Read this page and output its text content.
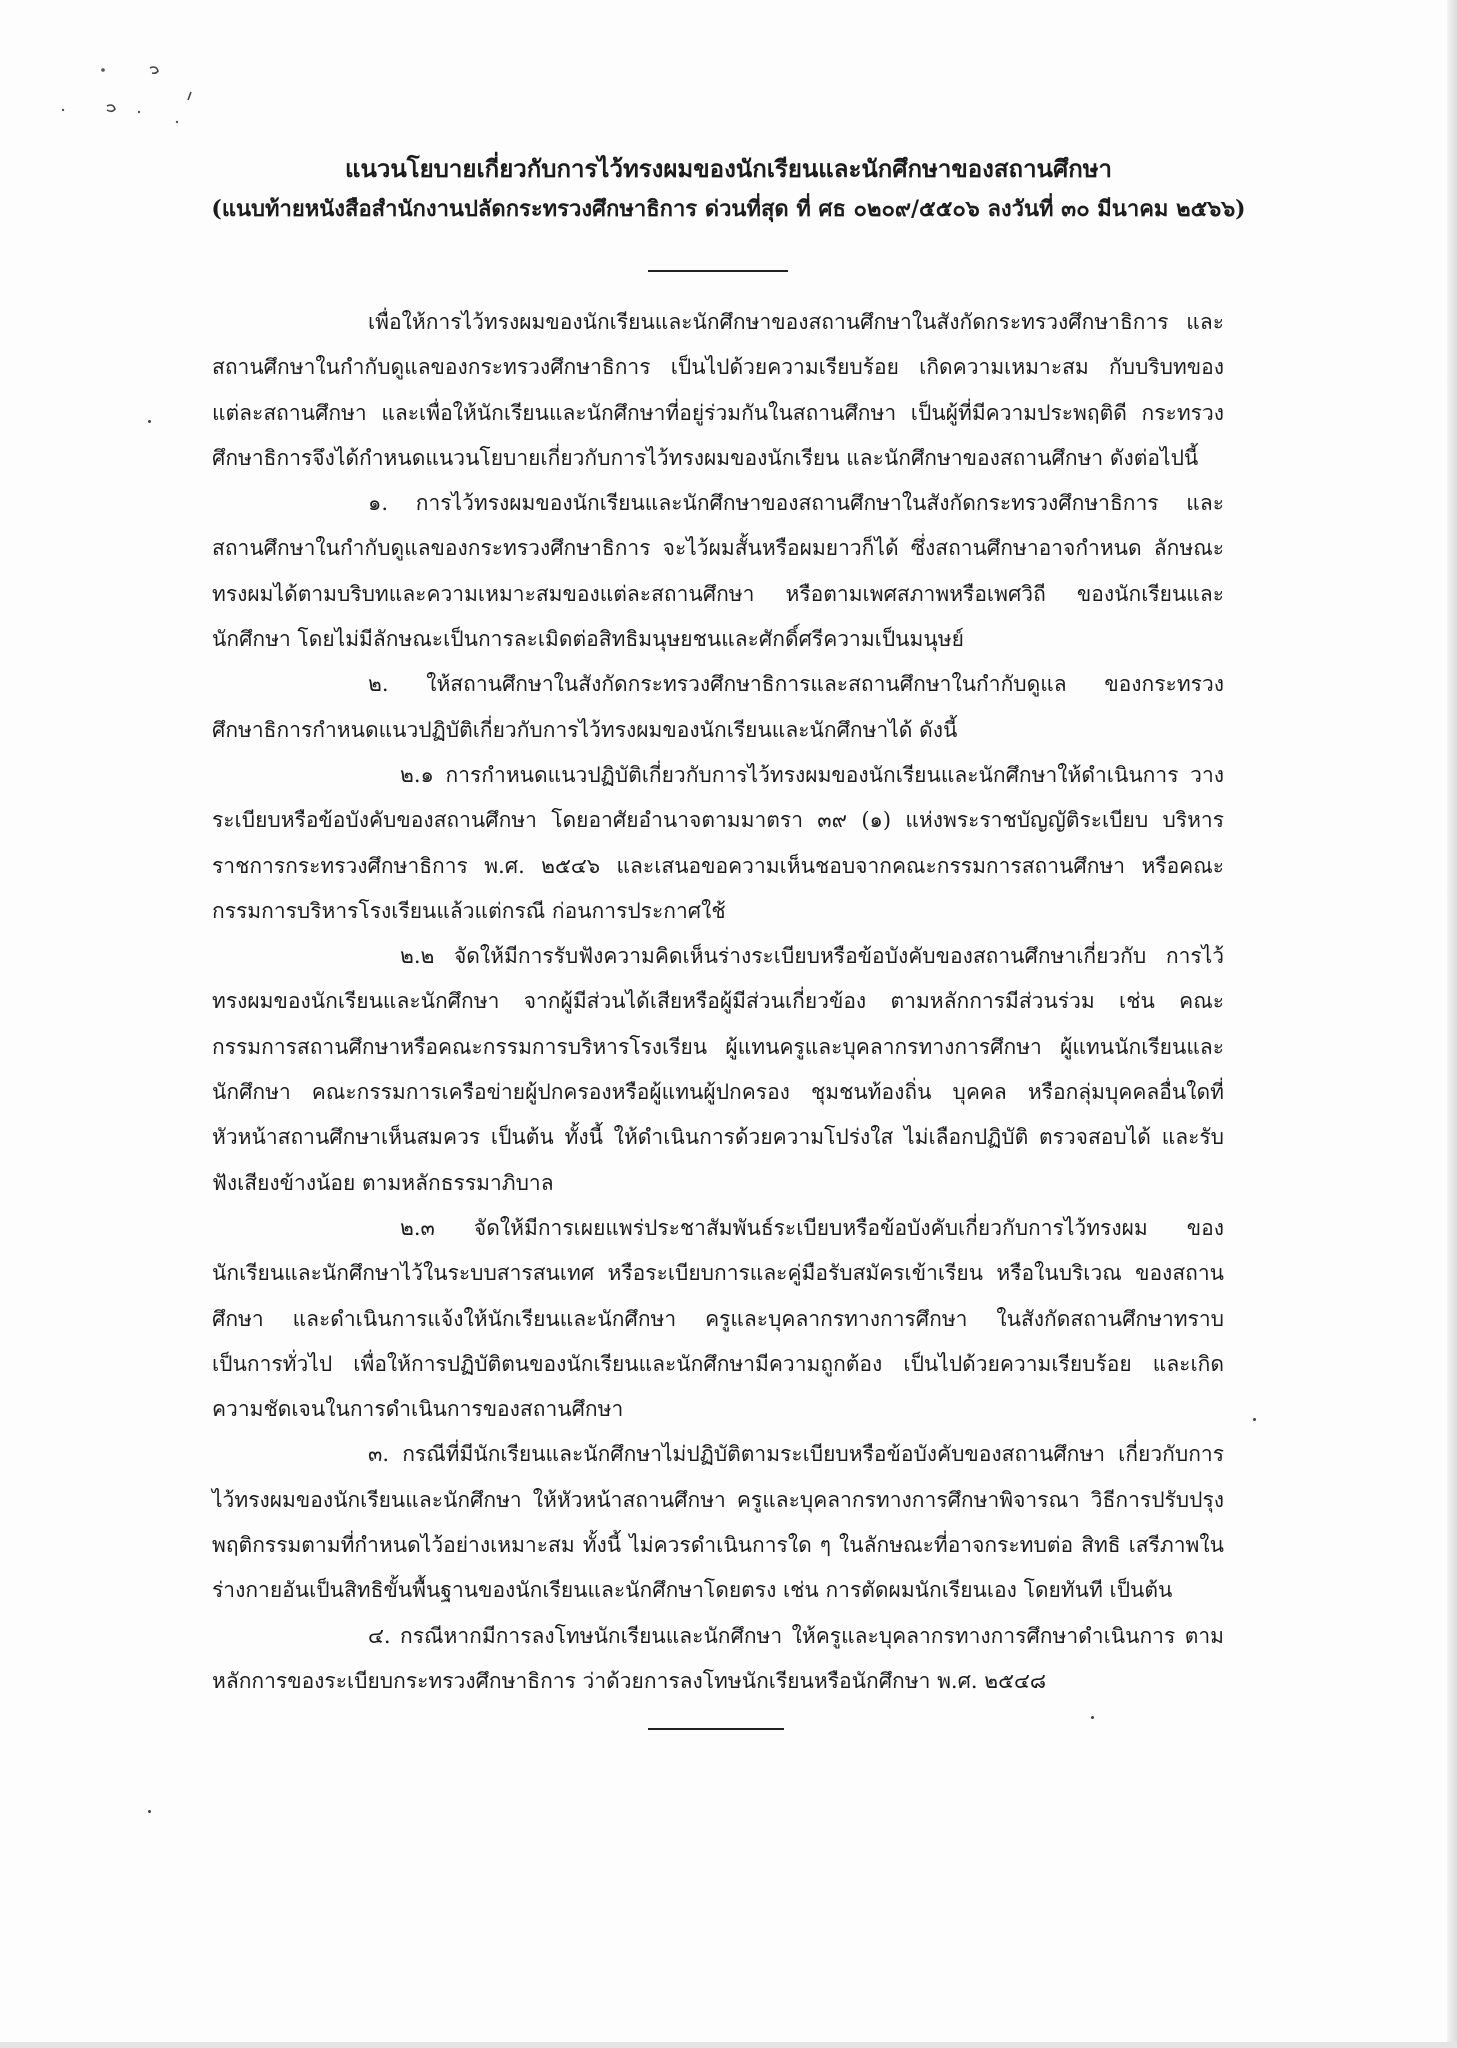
แนวนโยบายเกี่ยวกับการไว้ทรงผมของนักเรียนและนักศึกษาของสถานศึกษา
(แนบท้ายหนังสือสำนักงานปลัดกระทรวงศึกษาธิการ ด่วนที่สุด ที่ ศธ ๐๒๐๙/๕๕๐๖ ลงวันที่ ๓๐ มีนาคม ๒๕๖๖)

เพื่อให้การไว้ทรงผมของนักเรียนและนักศึกษาของสถานศึกษาในสังกัดกระทรวงศึกษาธิการ และสถานศึกษาในกำกับดูแลของกระทรวงศึกษาธิการ เป็นไปด้วยความเรียบร้อย เกิดความเหมาะสม กับบริบทของแต่ละสถานศึกษา และเพื่อให้นักเรียนและนักศึกษาที่อยู่ร่วมกันในสถานศึกษา เป็นผู้ที่มีความประพฤติดี กระทรวงศึกษาธิการจึงได้กำหนดแนวนโยบายเกี่ยวกับการไว้ทรงผมของนักเรียน และนักศึกษาของสถานศึกษา ดังต่อไปนี้

๑. การไว้ทรงผมของนักเรียนและนักศึกษาของสถานศึกษาในสังกัดกระทรวงศึกษาธิการ และสถานศึกษาในกำกับดูแลของกระทรวงศึกษาธิการ จะไว้ผมสั้นหรือผมยาวก็ได้ ซึ่งสถานศึกษาอาจกำหนด ลักษณะทรงผมได้ตามบริบทและความเหมาะสมของแต่ละสถานศึกษา หรือตามเพศสภาพหรือเพศวิถี ของนักเรียนและนักศึกษา โดยไม่มีลักษณะเป็นการละเมิดต่อสิทธิมนุษยชนและศักดิ์ศรีความเป็นมนุษย์

๒. ให้สถานศึกษาในสังกัดกระทรวงศึกษาธิการและสถานศึกษาในกำกับดูแล ของกระทรวงศึกษาธิการกำหนดแนวปฏิบัติเกี่ยวกับการไว้ทรงผมของนักเรียนและนักศึกษาได้ ดังนี้

๒.๑ การกำหนดแนวปฏิบัติเกี่ยวกับการไว้ทรงผมของนักเรียนและนักศึกษาให้ดำเนินการ วางระเบียบหรือข้อบังคับของสถานศึกษา โดยอาศัยอำนาจตามมาตรา ๓๙ (๑) แห่งพระราชบัญญัติระเบียบ บริหารราชการกระทรวงศึกษาธิการ พ.ศ. ๒๕๔๖ และเสนอขอความเห็นชอบจากคณะกรรมการสถานศึกษา หรือคณะกรรมการบริหารโรงเรียนแล้วแต่กรณี ก่อนการประกาศใช้

๒.๒ จัดให้มีการรับฟังความคิดเห็นร่างระเบียบหรือข้อบังคับของสถานศึกษาเกี่ยวกับ การไว้ทรงผมของนักเรียนและนักศึกษา จากผู้มีส่วนได้เสียหรือผู้มีส่วนเกี่ยวข้อง ตามหลักการมีส่วนร่วม เช่น คณะกรรมการสถานศึกษาหรือคณะกรรมการบริหารโรงเรียน ผู้แทนครูและบุคลากรทางการศึกษา ผู้แทนนักเรียนและนักศึกษา คณะกรรมการเครือข่ายผู้ปกครองหรือผู้แทนผู้ปกครอง ชุมชนท้องถิ่น บุคคล หรือกลุ่มบุคคลอื่นใดที่หัวหน้าสถานศึกษาเห็นสมควร เป็นต้น ทั้งนี้ ให้ดำเนินการด้วยความโปร่งใส ไม่เลือกปฏิบัติ ตรวจสอบได้ และรับฟังเสียงข้างน้อย ตามหลักธรรมาภิบาล

๒.๓ จัดให้มีการเผยแพร่ประชาสัมพันธ์ระเบียบหรือข้อบังคับเกี่ยวกับการไว้ทรงผม ของนักเรียนและนักศึกษาไว้ในระบบสารสนเทศ หรือระเบียบการและคู่มือรับสมัครเข้าเรียน หรือในบริเวณ ของสถานศึกษา และดำเนินการแจ้งให้นักเรียนและนักศึกษา ครูและบุคลากรทางการศึกษา ในสังกัดสถานศึกษาทราบเป็นการทั่วไป เพื่อให้การปฏิบัติตนของนักเรียนและนักศึกษามีความถูกต้อง เป็นไปด้วยความเรียบร้อย และเกิดความชัดเจนในการดำเนินการของสถานศึกษา

๓. กรณีที่มีนักเรียนและนักศึกษาไม่ปฏิบัติตามระเบียบหรือข้อบังคับของสถานศึกษา เกี่ยวกับการไว้ทรงผมของนักเรียนและนักศึกษา ให้หัวหน้าสถานศึกษา ครูและบุคลากรทางการศึกษาพิจารณา วิธีการปรับปรุงพฤติกรรมตามที่กำหนดไว้อย่างเหมาะสม ทั้งนี้ ไม่ควรดำเนินการใด ๆ ในลักษณะที่อาจกระทบต่อ สิทธิ เสรีภาพในร่างกายอันเป็นสิทธิขั้นพื้นฐานของนักเรียนและนักศึกษาโดยตรง เช่น การตัดผมนักเรียนเอง โดยทันที เป็นต้น

๔. กรณีหากมีการลงโทษนักเรียนและนักศึกษา ให้ครูและบุคลากรทางการศึกษาดำเนินการ ตามหลักการของระเบียบกระทรวงศึกษาธิการ ว่าด้วยการลงโทษนักเรียนหรือนักศึกษา พ.ศ. ๒๕๔๘
